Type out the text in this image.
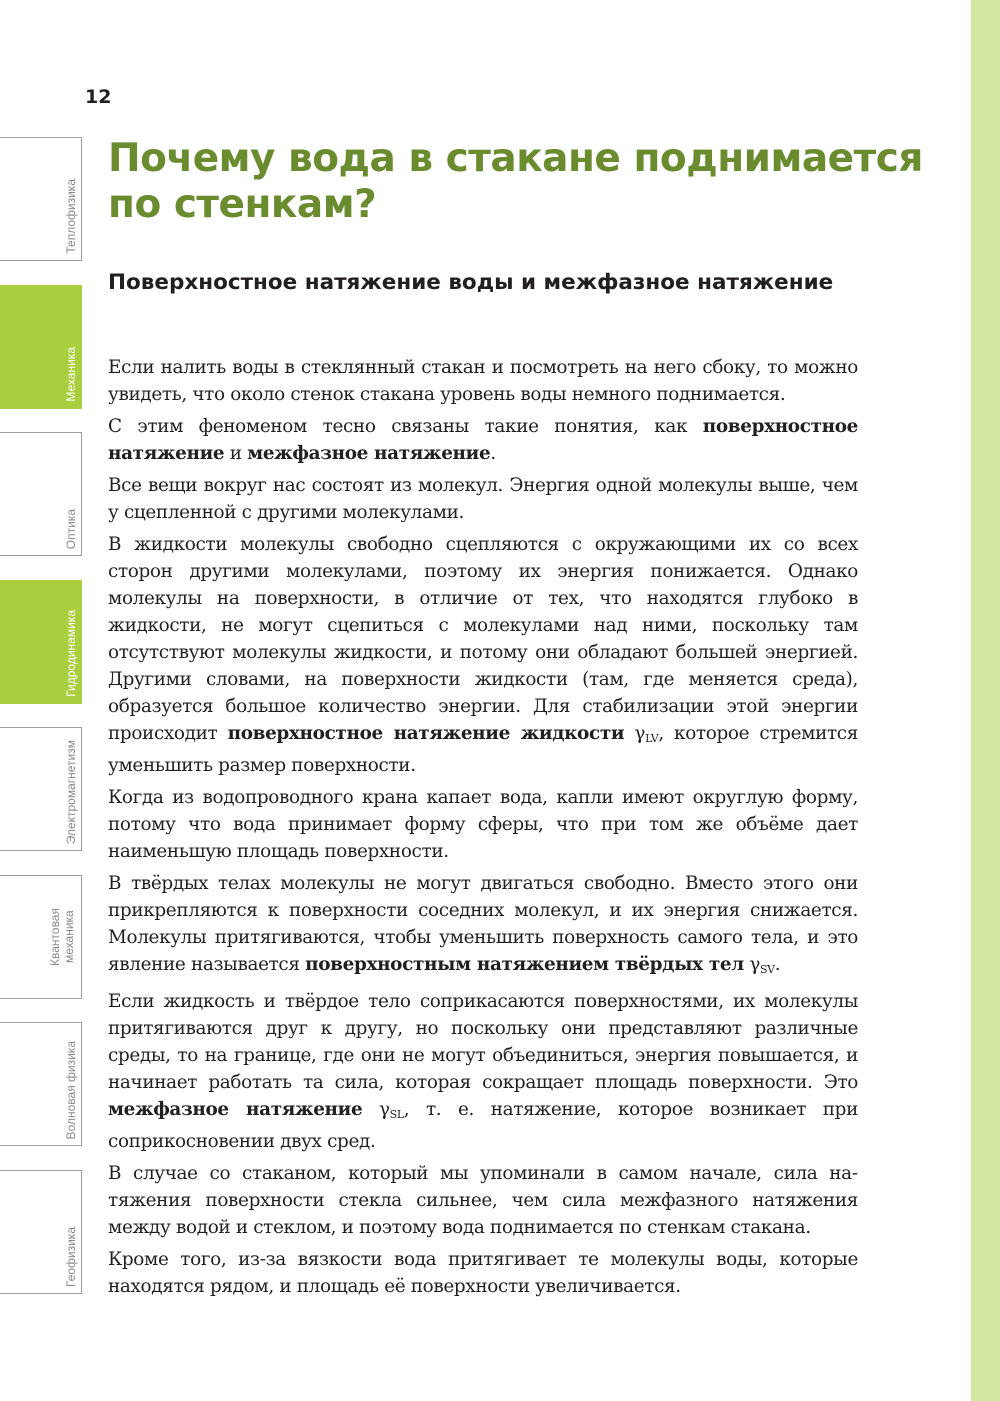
12
Теплофизика
Механика
Оптика
Гидродинамика
Электромагнетизм
Квантовая механика
Волновая физика
Геофизика
Почему вода в стакане поднимается по стенкам?
Поверхностное натяжение воды и межфазное натяжение

Если налить воды в стеклянный стакан и посмотреть на него сбоку, то можно увидеть, что около стенок стакана уровень воды немного поднимается.

С этим феноменом тесно связаны такие понятия, как поверхностное натяжение и межфазное натяжение.

Все вещи вокруг нас состоят из молекул. Энергия одной молекулы выше, чем у сцепленной с другими молекулами.

В жидкости молекулы свободно сцепляются с окружающими их со всех сторон другими молекулами, поэтому их энергия понижается. Однако молекулы на поверхности, в отличие от тех, что находятся глубоко в жидкости, не могут сцепиться с молекулами над ними, поскольку там отсутствуют молекулы жидкости, и потому они обладают большей энергией. Другими словами, на поверхности жидкости (там, где меняется среда), образуется большое количество энергии. Для стабилизации этой энергии происходит поверхностное натяжение жидкости $\gamma_{LV}$, которое стремится уменьшить размер поверхности.

Когда из водопроводного крана капает вода, капли имеют округлую форму, потому что вода принимает форму сферы, что при том же объёме дает наименьшую площадь поверхности.

В твёрдых телах молекулы не могут двигаться свободно. Вместо этого они прикрепляются к поверхности соседних молекул, и их энергия снижается. Молекулы притягиваются, чтобы уменьшить поверхность самого тела, и это явление называется поверхностным натяжением твёрдых тел $\gamma_{SV}$.

Если жидкость и твёрдое тело соприкасаются поверхностями, их молекулы притягиваются друг к другу, но поскольку они представляют различные среды, то на границе, где они не могут объединиться, энергия повышается, и начинает работать та сила, которая сокращает площадь поверхности. Это межфазное натяжение $\gamma_{SL}$, т. е. натяжение, которое возникает при соприкосновении двух сред.

В случае со стаканом, который мы упоминали в самом начале, сила натяжения поверхности стекла сильнее, чем сила межфазного натяжения между водой и стеклом, и поэтому вода поднимается по стенкам стакана.

Кроме того, из-за вязкости вода притягивает те молекулы воды, которые находятся рядом, и площадь её поверхности увеличивается.
